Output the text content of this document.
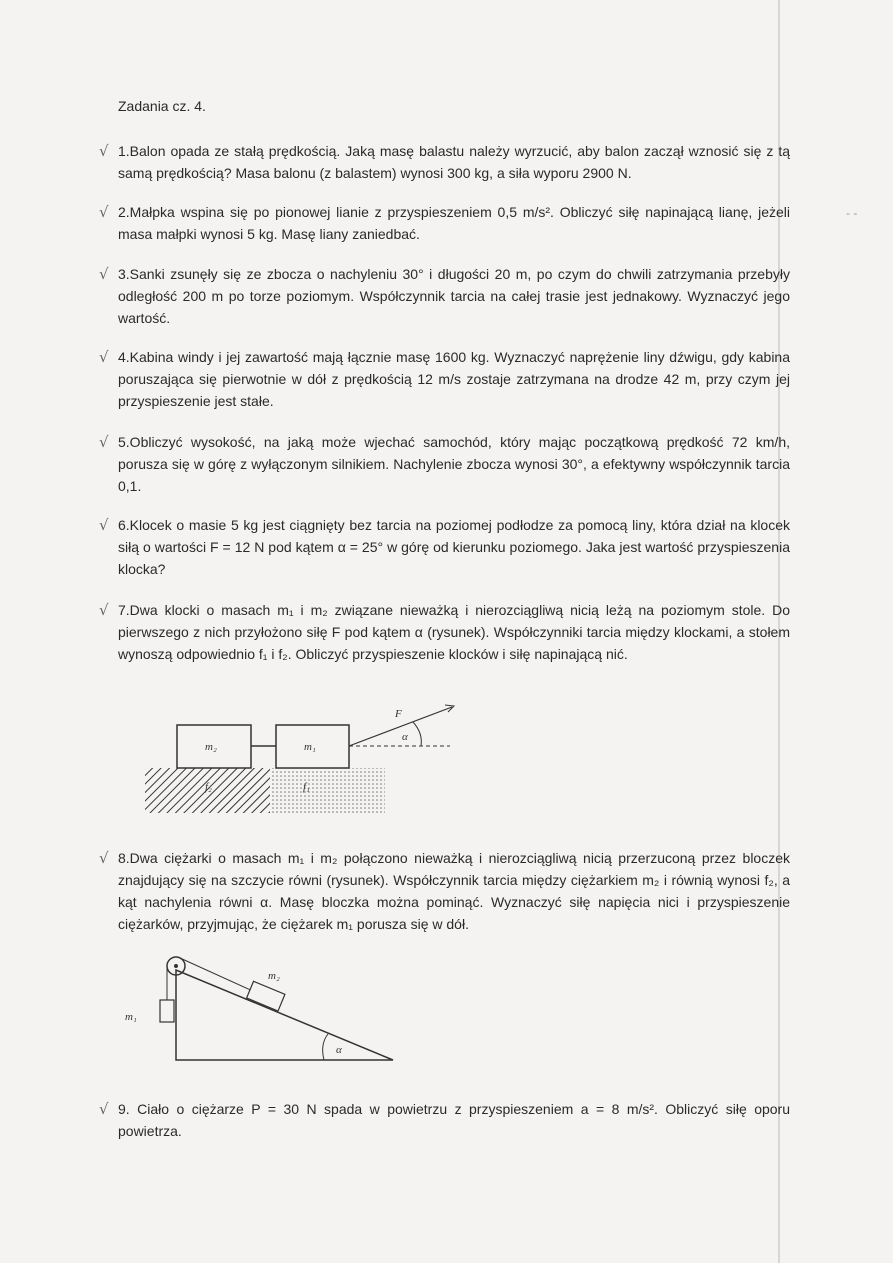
- -
Zadania cz. 4.
√ 1.Balon opada ze stałą prędkością. Jaką masę balastu należy wyrzucić, aby balon zaczął wznosić się z tą samą prędkością? Masa balonu (z balastem) wynosi 300 kg, a siła wyporu 2900 N.

√ 2.Małpka wspina się po pionowej lianie z przyspieszeniem 0,5 m/s². Obliczyć siłę napinającą lianę, jeżeli masa małpki wynosi 5 kg. Masę liany zaniedbać.

√ 3.Sanki zsunęły się ze zbocza o nachyleniu 30° i długości 20 m, po czym do chwili zatrzymania przebyły odległość 200 m po torze poziomym. Współczynnik tarcia na całej trasie jest jednakowy. Wyznaczyć jego wartość.

√ 4.Kabina windy i jej zawartość mają łącznie masę 1600 kg. Wyznaczyć naprężenie liny dźwigu, gdy kabina poruszająca się pierwotnie w dół z prędkością 12 m/s zostaje zatrzymana na drodze 42 m, przy czym jej przyspieszenie jest stałe.

√ 5.Obliczyć wysokość, na jaką może wjechać samochód, który mając początkową prędkość 72 km/h, porusza się w górę z wyłączonym silnikiem. Nachylenie zbocza wynosi 30°, a efektywny współczynnik tarcia 0,1.

√ 6.Klocek o masie 5 kg jest ciągnięty bez tarcia na poziomej podłodze za pomocą liny, która dział na klocek siłą o wartości F = 12 N pod kątem α = 25° w górę od kierunku poziomego. Jaka jest wartość przyspieszenia klocka?

√ 7.Dwa klocki o masach m₁ i m₂ związane nieważką i nierozciągliwą nicią leżą na poziomym stole. Do pierwszego z nich przyłożono siłę F pod kątem α (rysunek). Współczynniki tarcia między klockami, a stołem wynoszą odpowiednio f₁ i f₂. Obliczyć przyspieszenie klocków i siłę napinającą nić.

m₂	m₁
F
α
f₂	f₁
√ 8.Dwa ciężarki o masach m₁ i m₂ połączono nieważką i nierozciągliwą nicią przerzuconą przez bloczek znajdujący się na szczycie równi (rysunek). Współczynnik tarcia między ciężarkiem m₂ i równią wynosi f₂, a kąt nachylenia równi α. Masę bloczka można pominąć. Wyznaczyć siłę napięcia nici i przyspieszenie ciężarków, przyjmując, że ciężarek m₁ porusza się w dół.

m₁
m₂
α
√ 9. Ciało o ciężarze P = 30 N spada w powietrzu z przyspieszeniem a = 8 m/s². Obliczyć siłę oporu powietrza.
